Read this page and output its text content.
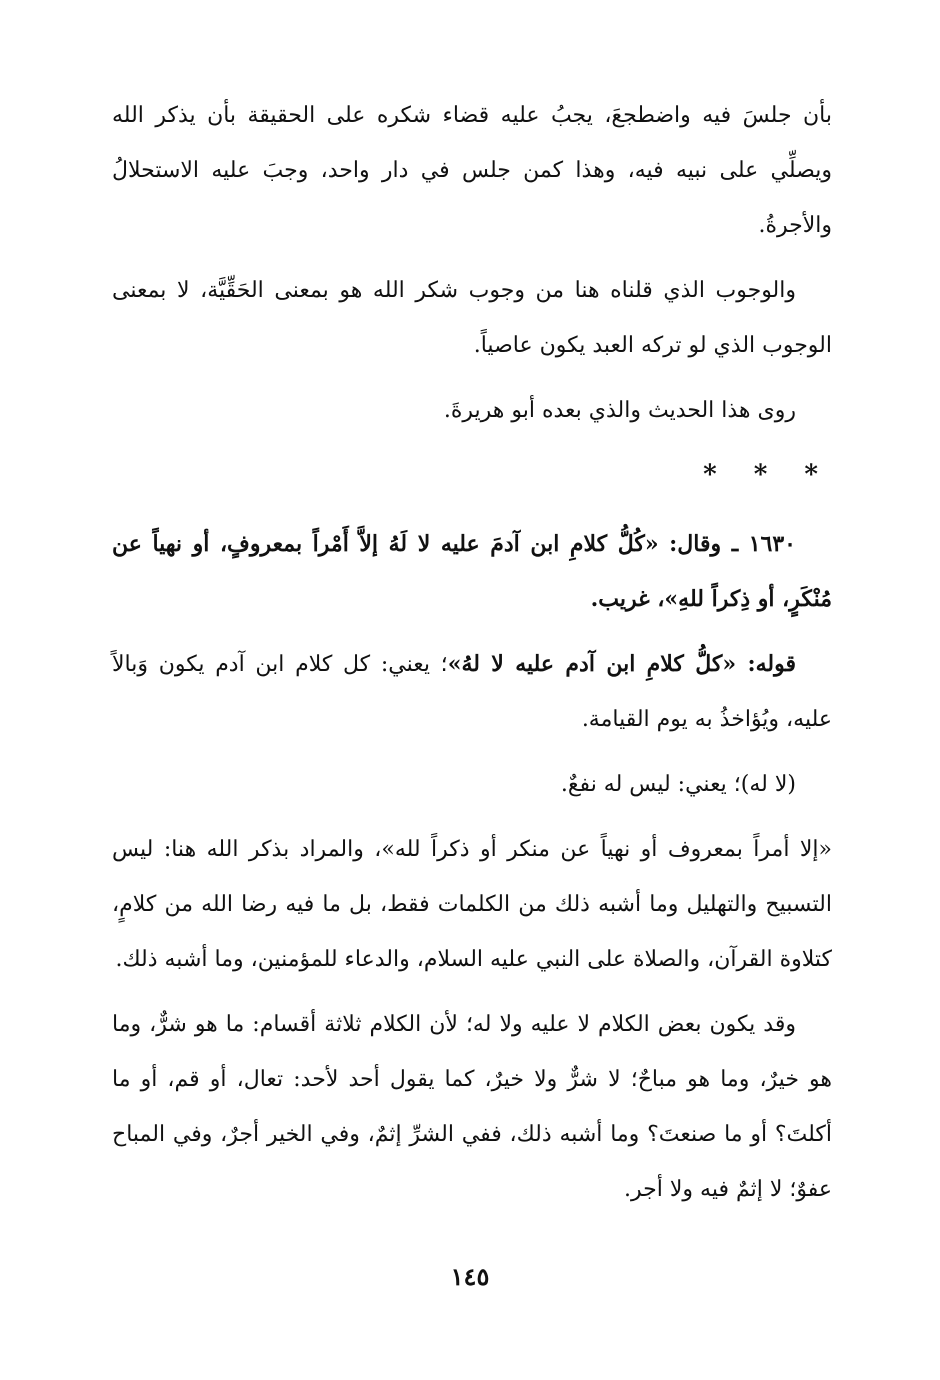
بأن جلسَ فيه واضطجعَ، يجبُ عليه قضاء شكره على الحقيقة بأن يذكر الله ويصلِّي على نبيه فيه، وهذا كمن جلس في دار واحد، وجبَ عليه الاستحلالُ والأجرةُ.

والوجوب الذي قلناه هنا من وجوب شكر الله هو بمعنى الحَقِّيَّة، لا بمعنى الوجوب الذي لو تركه العبد يكون عاصياً.

روى هذا الحديث والذي بعده أبو هريرةَ.

* * *

١٦٣٠ ـ وقال: «كُلُّ كلامِ ابن آدمَ عليه لا لَهُ إلاَّ أَمْراً بمعروفٍ، أو نهياً عن مُنْكَرٍ، أو ذِكراً للهِ»، غريب.

قوله: «كلُّ كلامِ ابن آدم عليه لا لهُ»؛ يعني: كل كلام ابن آدم يكون وَبالاً عليه، ويُؤاخذُ به يوم القيامة.

(لا له)؛ يعني: ليس له نفعٌ.

«إلا أمراً بمعروف أو نهياً عن منكر أو ذكراً لله»، والمراد بذكر الله هنا: ليس التسبيح والتهليل وما أشبه ذلك من الكلمات فقط، بل ما فيه رضا الله من كلامٍ، كتلاوة القرآن، والصلاة على النبي عليه السلام، والدعاء للمؤمنين، وما أشبه ذلك.

وقد يكون بعض الكلام لا عليه ولا له؛ لأن الكلام ثلاثة أقسام: ما هو شرٌّ، وما هو خيرٌ، وما هو مباحٌ؛ لا شرٌّ ولا خيرٌ، كما يقول أحد لأحد: تعال، أو قم، أو ما أكلتَ؟ أو ما صنعتَ؟ وما أشبه ذلك، ففي الشرِّ إثمٌ، وفي الخير أجرٌ، وفي المباح عفوٌ؛ لا إثمٌ فيه ولا أجر.

١٤٥
